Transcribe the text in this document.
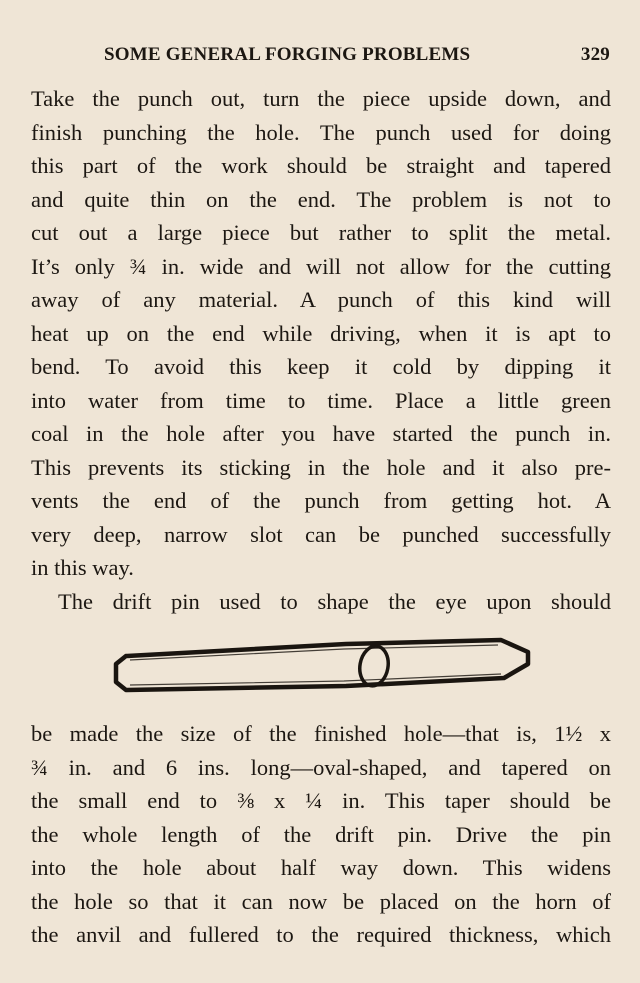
SOME GENERAL FORGING PROBLEMS	329
Take the punch out, turn the piece upside down, and
finish punching the hole. The punch used for doing
this part of the work should be straight and tapered
and quite thin on the end. The problem is not to
cut out a large piece but rather to split the metal.
It’s only ¾ in. wide and will not allow for the cutting
away of any material. A punch of this kind will
heat up on the end while driving, when it is apt to
bend. To avoid this keep it cold by dipping it
into water from time to time. Place a little green
coal in the hole after you have started the punch in.
This prevents its sticking in the hole and it also pre-
vents the end of the punch from getting hot. A
very deep, narrow slot can be punched successfully
in this way.
The drift pin used to shape the eye upon should
be made the size of the finished hole—that is, 1½ x
¾ in. and 6 ins. long—oval-shaped, and tapered on
the small end to ⅜ x ¼ in. This taper should be
the whole length of the drift pin. Drive the pin
into the hole about half way down. This widens
the hole so that it can now be placed on the horn of
the anvil and fullered to the required thickness, which
